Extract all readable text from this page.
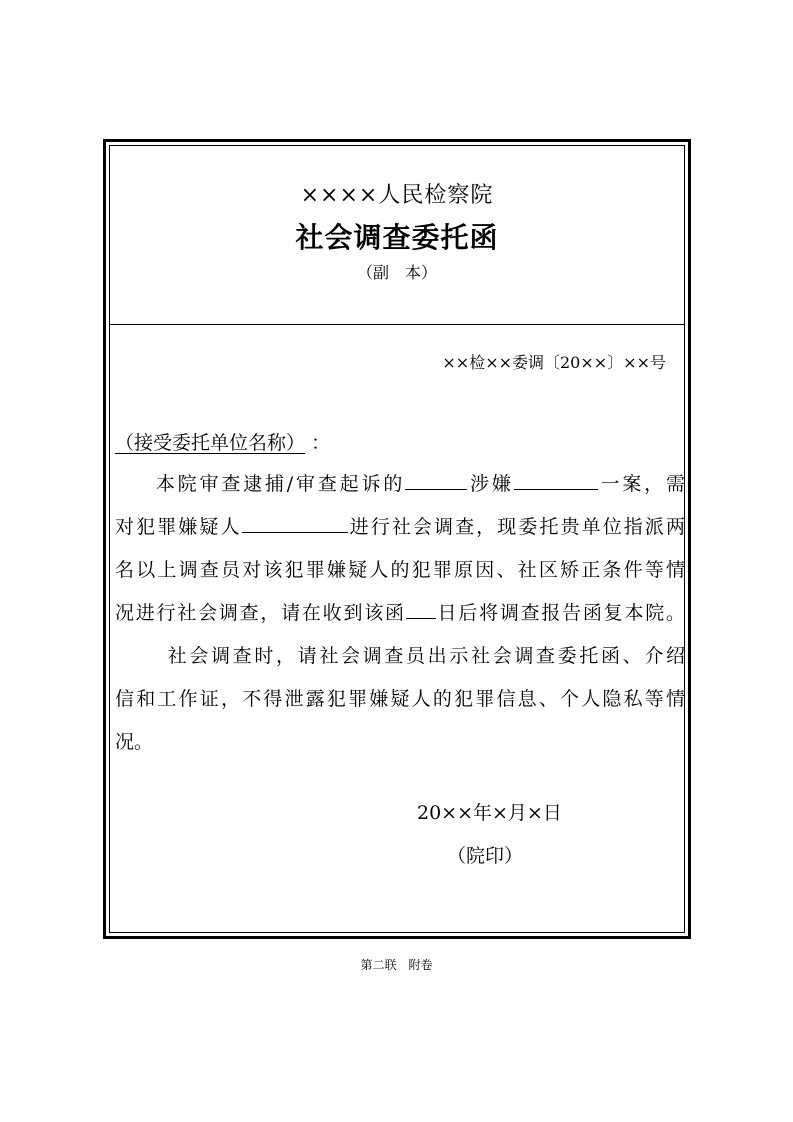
××××人民检察院
社会调查委托函
（副　本）
××检××委调〔20××〕××号
（接受委托单位名称） ：
本院审查逮捕/审查起诉的	涉嫌	一案，需
对犯罪嫌疑人	进行社会调查，现委托贵单位指派两
名以上调查员对该犯罪嫌疑人的犯罪原因、社区矫正条件等情
况进行社会调查，请在收到该函 日后将调查报告函复本院。
社会调查时，请社会调查员出示社会调查委托函、介绍
信和工作证，不得泄露犯罪嫌疑人的犯罪信息、个人隐私等情
况。
20××年×月×日
（院印）
第二联　附卷
